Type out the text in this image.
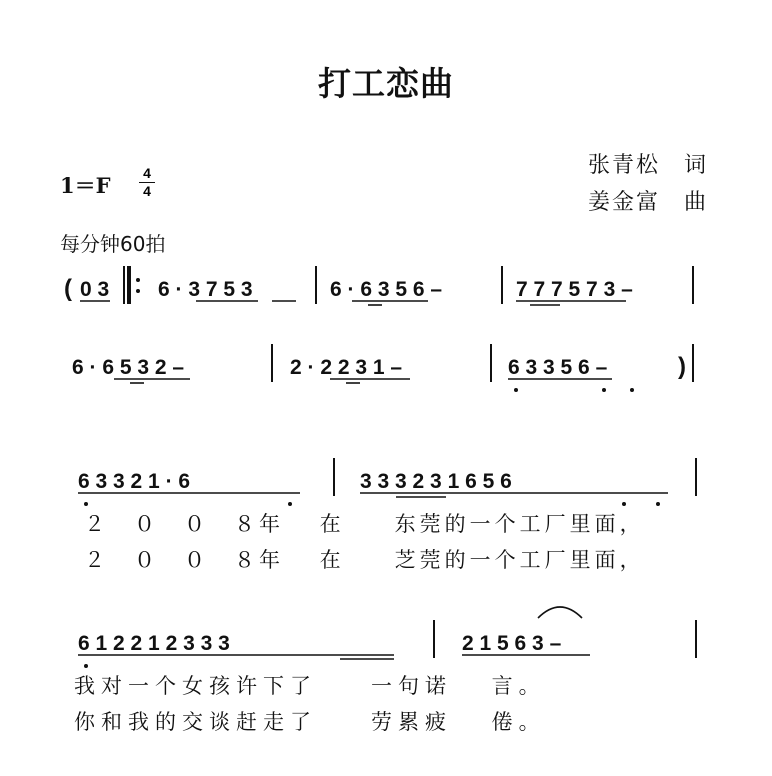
打工恋曲
张青松　词
姜金富　曲
1＝F	4
4
每分钟60拍
( 0 3 6 · 3 7 5 3	6 · 6 3 5 6 –	7 7 7 5 7 3 –
6 · 6 5 3 2 –	2 · 2 2 3 1 –	6 3 3 5 6 –	)
6 3 3 2 1 · 6	3 3 3 2 3 1 6 5 6
6 1 2 2 1 2 3 3 3	2 1 5 6 3 –
２　０　０　８年　 在　　东莞的一个工厂里面，
２　０　０　８年　 在　　芝莞的一个工厂里面，
我对一个女孩许下了　　一句诺　 言。
你和我的交谈赶走了　　劳累疲　 倦。
